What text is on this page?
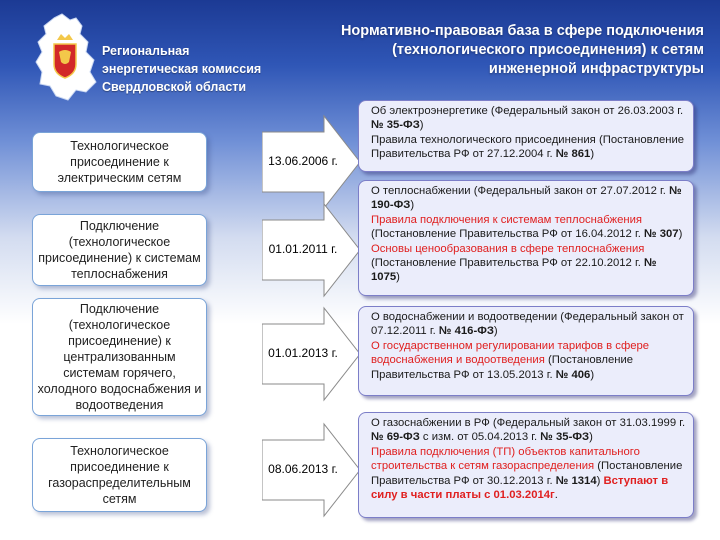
Региональная
энергетическая комиссия
Свердловской области
Нормативно-правовая база в сфере подключения
(технологического присоединения) к сетям
инженерной инфраструктуры
Технологическое присоединение к электрическим сетям
Подключение (технологическое присоединение) к системам теплоснабжения
Подключение (технологическое присоединение) к централизованным системам горячего, холодного водоснабжения и водоотведения
Технологическое присоединение к газораспределительным сетям
13.06.2006 г.
01.01.2011 г.
01.01.2013 г.
08.06.2013 г.

Об электроэнергетике (Федеральный закон от 26.03.2003 г. № 35-ФЗ)

Правила технологического присоединения (Постановление Правительства РФ от 27.12.2004 г. № 861)

О теплоснабжении (Федеральный закон от 27.07.2012 г. № 190-ФЗ)

Правила подключения к системам теплоснабжения (Постановление Правительства РФ от 16.04.2012 г. № 307)

Основы ценообразования в сфере теплоснабжения (Постановление Правительства РФ от 22.10.2012 г. № 1075)

О водоснабжении и водоотведении (Федеральный закон от 07.12.2011 г. № 416-ФЗ)

О государственном регулировании тарифов в сфере водоснабжения и водоотведения (Постановление Правительства РФ от 13.05.2013 г. № 406)

О газоснабжении в РФ (Федеральный закон от 31.03.1999 г. № 69-ФЗ с изм. от 05.04.2013 г. № 35-ФЗ)

Правила подключения (ТП) объектов капитального строительства к сетям газораспределения (Постановление Правительства РФ от 30.12.2013 г. № 1314) Вступают в силу в части платы с 01.03.2014г.
